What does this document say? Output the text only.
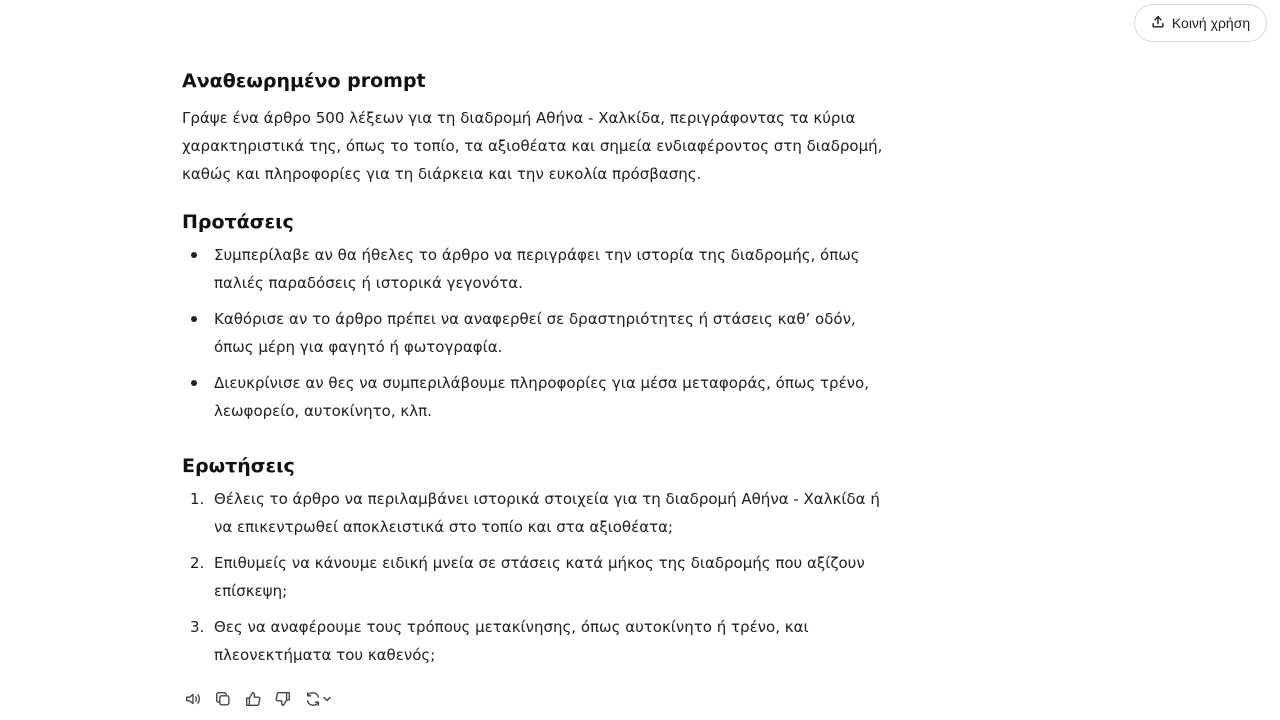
Κοινή χρήση
Αναθεωρημένο prompt

Γράψε ένα άρθρο 500 λέξεων για τη διαδρομή Αθήνα - Χαλκίδα, περιγράφοντας τα κύρια χαρακτηριστικά της, όπως το τοπίο, τα αξιοθέατα και σημεία ενδιαφέροντος στη διαδρομή, καθώς και πληροφορίες για τη διάρκεια και την ευκολία πρόσβασης.

Προτάσεις
Συμπερίλαβε αν θα ήθελες το άρθρο να περιγράφει την ιστορία της διαδρομής, όπως παλιές παραδόσεις ή ιστορικά γεγονότα.
Καθόρισε αν το άρθρο πρέπει να αναφερθεί σε δραστηριότητες ή στάσεις καθ’ οδόν, όπως μέρη για φαγητό ή φωτογραφία.
Διευκρίνισε αν θες να συμπεριλάβουμε πληροφορίες για μέσα μεταφοράς, όπως τρένο, λεωφορείο, αυτοκίνητο, κλπ.
Ερωτήσεις
1. Θέλεις το άρθρο να περιλαμβάνει ιστορικά στοιχεία για τη διαδρομή Αθήνα - Χαλκίδα ή να επικεντρωθεί αποκλειστικά στο τοπίο και στα αξιοθέατα;
2. Επιθυμείς να κάνουμε ειδική μνεία σε στάσεις κατά μήκος της διαδρομής που αξίζουν επίσκεψη;
3. Θες να αναφέρουμε τους τρόπους μετακίνησης, όπως αυτοκίνητο ή τρένο, και πλεονεκτήματα του καθενός;
